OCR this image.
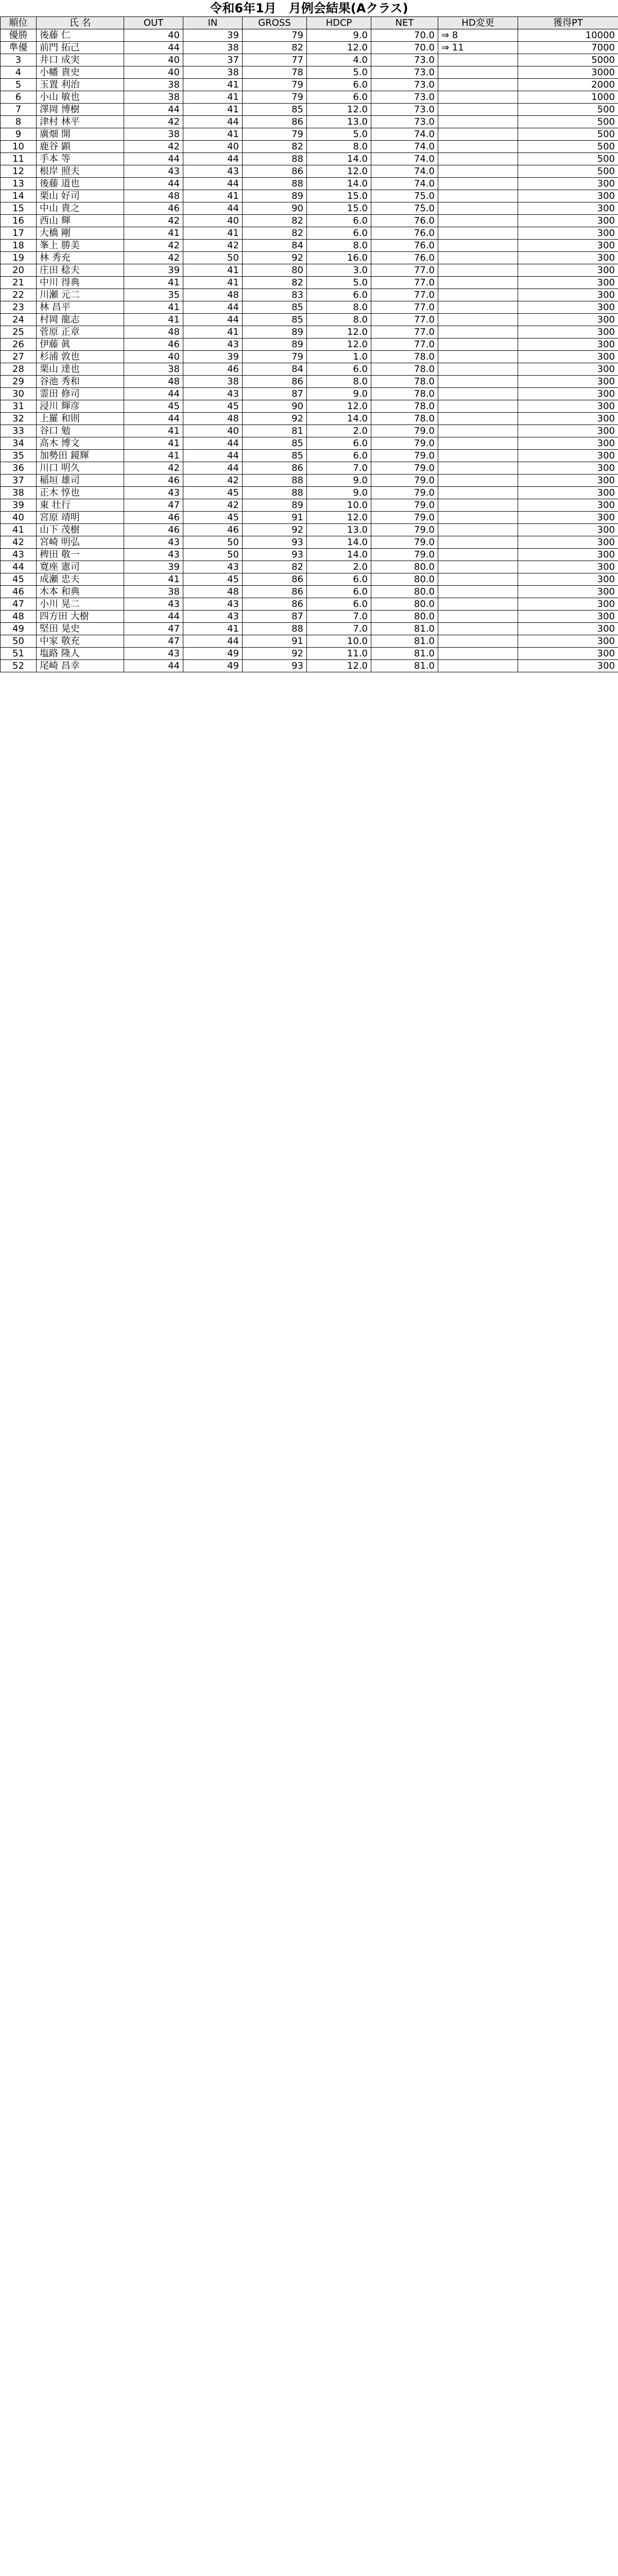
令和6年1月　月例会結果(Aクラス)
順位	氏 名	OUT	IN	GROSS	HDCP	NET	HD変更	獲得PT
優勝	後藤 仁	40	39	79	9.0	70.0	⇒ 8	10000
準優	前門 拓己	44	38	82	12.0	70.0	⇒ 11	7000
3	井口 成実	40	37	77	4.0	73.0		5000
4	小幡 貴史	40	38	78	5.0	73.0		3000
5	玉置 利治	38	41	79	6.0	73.0		2000
6	小山 敏也	38	41	79	6.0	73.0		1000
7	澤岡 博樹	44	41	85	12.0	73.0		500
8	津村 林平	42	44	86	13.0	73.0		500
9	廣畑 開	38	41	79	5.0	74.0		500
10	鹿谷 顕	42	40	82	8.0	74.0		500
11	手本 等	44	44	88	14.0	74.0		500
12	根岸 照夫	43	43	86	12.0	74.0		500
13	後藤 道也	44	44	88	14.0	74.0		300
14	栗山 好司	48	41	89	15.0	75.0		300
15	中山 貴之	46	44	90	15.0	75.0		300
16	西山 輝	42	40	82	6.0	76.0		300
17	大橋 剛	41	41	82	6.0	76.0		300
18	峯上 勝美	42	42	84	8.0	76.0		300
19	林 秀充	42	50	92	16.0	76.0		300
20	庄田 稔夫	39	41	80	3.0	77.0		300
21	中川 得典	41	41	82	5.0	77.0		300
22	川瀬 元二	35	48	83	6.0	77.0		300
23	林 昌平	41	44	85	8.0	77.0		300
24	村岡 龍志	41	44	85	8.0	77.0		300
25	菅原 正章	48	41	89	12.0	77.0		300
26	伊藤 眞	46	43	89	12.0	77.0		300
27	杉浦 敦也	40	39	79	1.0	78.0		300
28	栗山 達也	38	46	84	6.0	78.0		300
29	谷池 秀和	48	38	86	8.0	78.0		300
30	霊田 修司	44	43	87	9.0	78.0		300
31	浸川 輝彦	45	45	90	12.0	78.0		300
32	上羅 和則	44	48	92	14.0	78.0		300
33	谷口 勉	41	40	81	2.0	79.0		300
34	高木 博文	41	44	85	6.0	79.0		300
35	加勢田 鏡輝	41	44	85	6.0	79.0		300
36	川口 明久	42	44	86	7.0	79.0		300
37	稲垣 雄司	46	42	88	9.0	79.0		300
38	正木 惇也	43	45	88	9.0	79.0		300
39	東 壮行	47	42	89	10.0	79.0		300
40	宮原 靖明	46	45	91	12.0	79.0		300
41	山下 茂樹	46	46	92	13.0	79.0		300
42	宮崎 明弘	43	50	93	14.0	79.0		300
43	稗田 敬一	43	50	93	14.0	79.0		300
44	寛座 憲司	39	43	82	2.0	80.0		300
45	成瀬 忠夫	41	45	86	6.0	80.0		300
46	木本 和典	38	48	86	6.0	80.0		300
47	小川 晃二	43	43	86	6.0	80.0		300
48	四方田 大樹	44	43	87	7.0	80.0		300
49	堅田 晃史	47	41	88	7.0	81.0		300
50	中家 敬充	47	44	91	10.0	81.0		300
51	塩路 隆人	43	49	92	11.0	81.0		300
52	尾崎 昌幸	44	49	93	12.0	81.0		300
